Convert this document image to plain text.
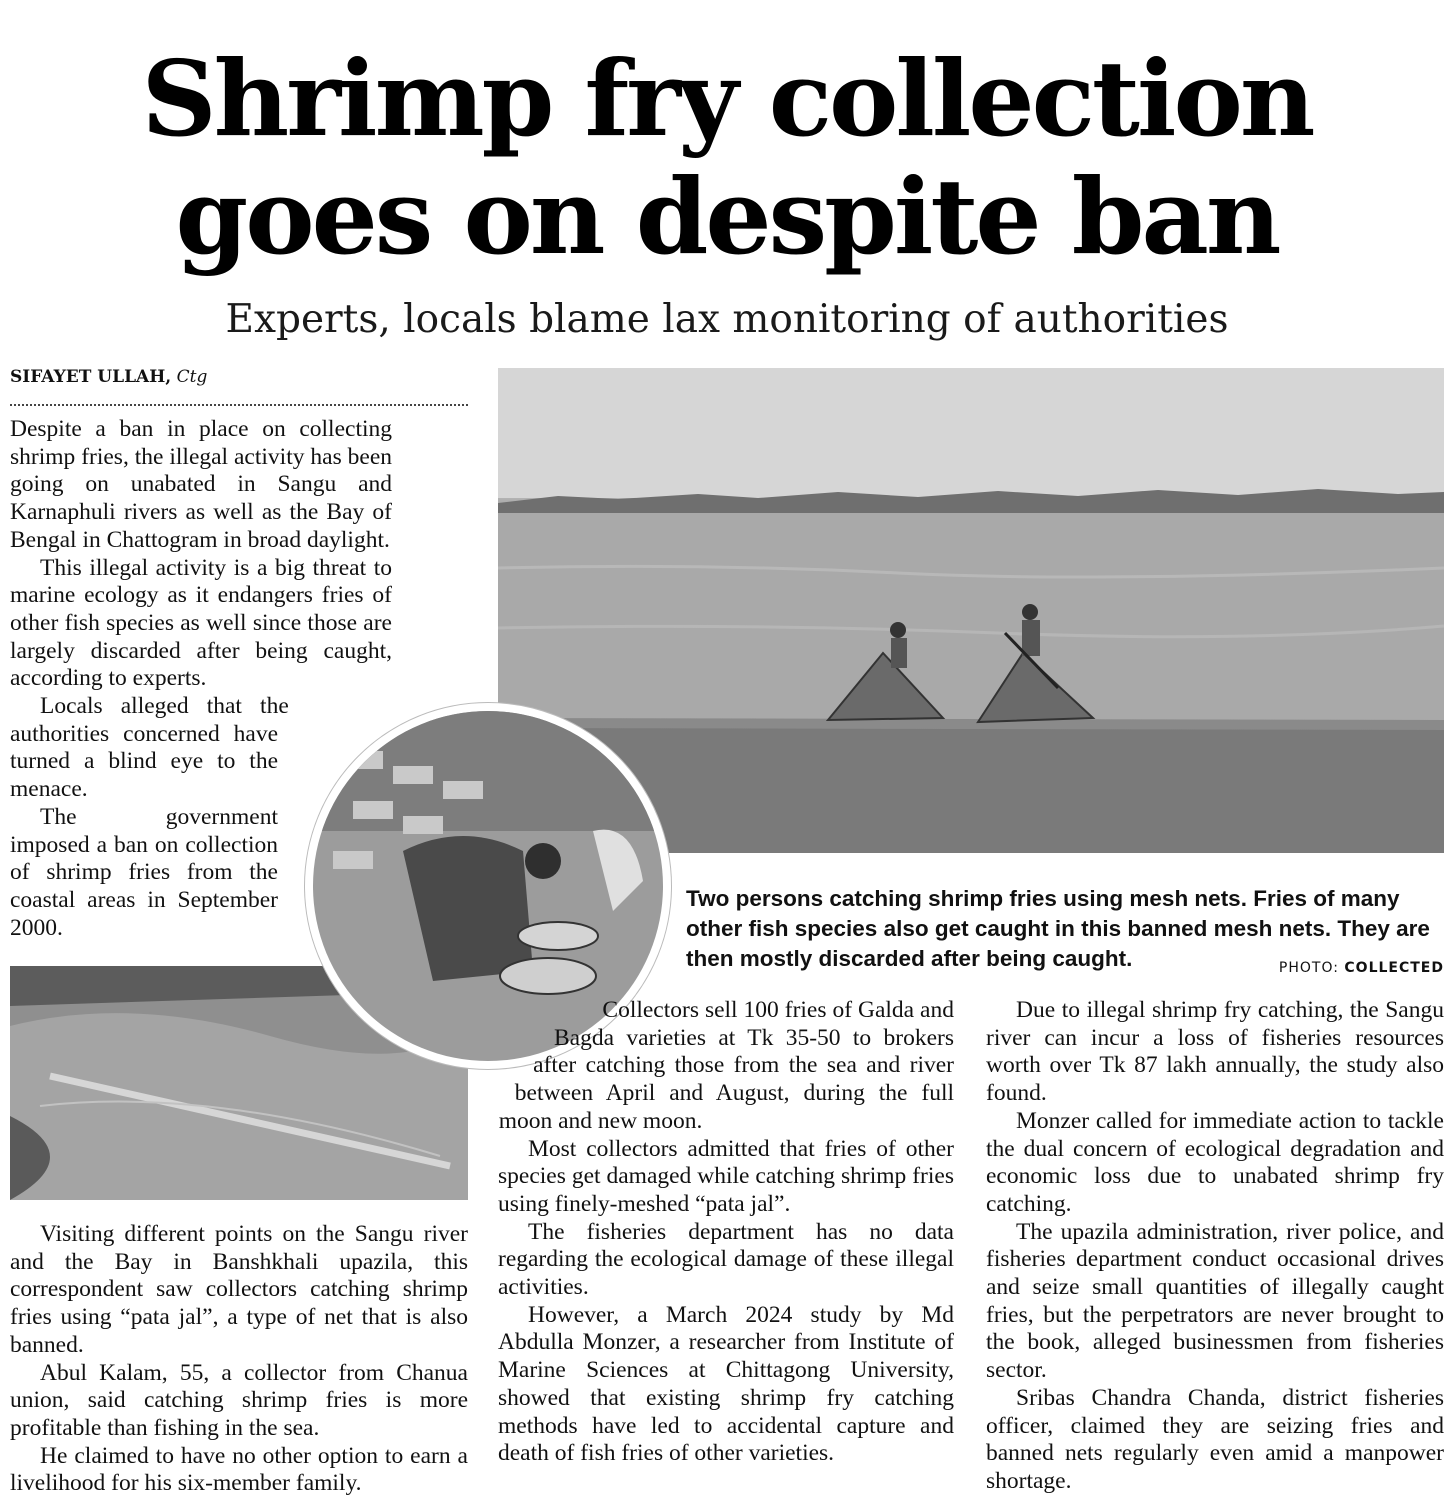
Shrimp fry collection
goes on despite ban
Experts, locals blame lax monitoring of authorities
SIFAYET ULLAH, Ctg

Despite a ban in place on collecting shrimp fries, the illegal activity has been going on unabated in Sangu and Karnaphuli rivers as well as the Bay of Bengal in Chattogram in broad daylight.

This illegal activity is a big threat to marine ecology as it endangers fries of other fish species as well since those are largely discarded after being caught, according to experts.

Locals alleged that the authorities concerned have turned a blind eye to the menace.

The government imposed a ban on collection of shrimp fries from the coastal areas in September 2000.

Two persons catching shrimp fries using mesh nets. Fries of many other fish species also get caught in this banned mesh nets. They are then mostly discarded after being caught.	PHOTO: COLLECTED

Visiting different points on the Sangu river and the Bay in Banshkhali upazila, this correspondent saw collectors catching shrimp fries using “pata jal”, a type of net that is also banned.

Abul Kalam, 55, a collector from Chanua union, said catching shrimp fries is more profitable than fishing in the sea.

He claimed to have no other option to earn a livelihood for his six-member family.

Collectors sell 100 fries of Galda and Bagda varieties at Tk 35-50 to brokers after catching those from the sea and river between April and August, during the full moon and new moon.

Most collectors admitted that fries of other species get damaged while catching shrimp fries using finely-meshed “pata jal”.

The fisheries department has no data regarding the ecological damage of these illegal activities.

However, a March 2024 study by Md Abdulla Monzer, a researcher from Institute of Marine Sciences at Chittagong University, showed that existing shrimp fry catching methods have led to accidental capture and death of fish fries of other varieties.

Due to illegal shrimp fry catching, the Sangu river can incur a loss of fisheries resources worth over Tk 87 lakh annually, the study also found.

Monzer called for immediate action to tackle the dual concern of ecological degradation and economic loss due to unabated shrimp fry catching.

The upazila administration, river police, and fisheries department conduct occasional drives and seize small quantities of illegally caught fries, but the perpetrators are never brought to the book, alleged businessmen from fisheries sector.

Sribas Chandra Chanda, district fisheries officer, claimed they are seizing fries and banned nets regularly even amid a manpower shortage.
